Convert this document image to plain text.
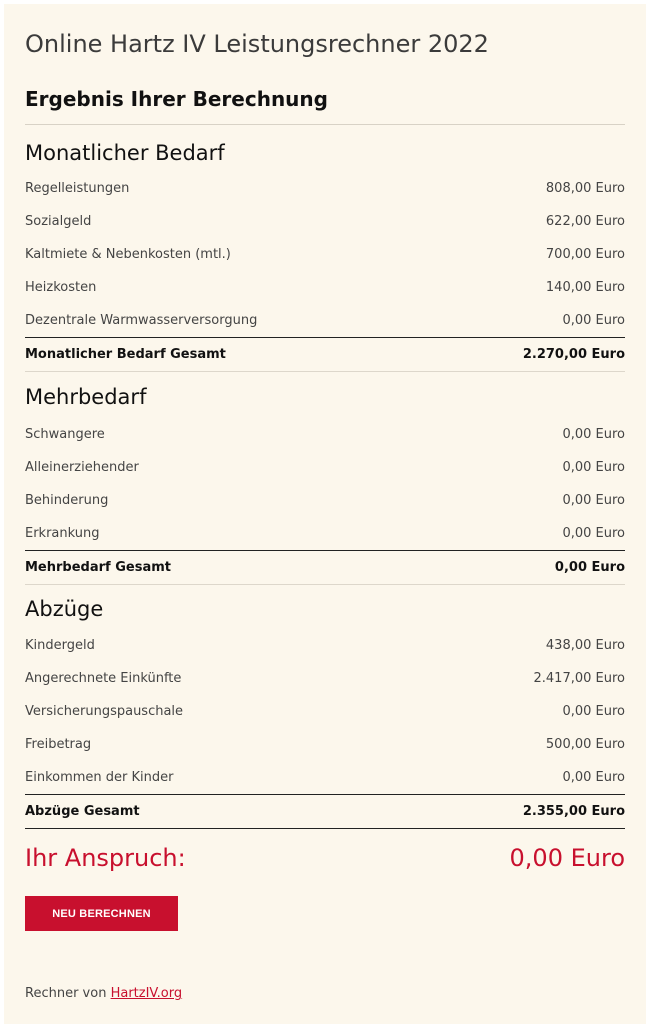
Online Hartz IV Leistungsrechner 2022
Ergebnis Ihrer Berechnung
Monatlicher Bedarf
Regelleistungen	808,00 Euro
Sozialgeld	622,00 Euro
Kaltmiete & Nebenkosten (mtl.)	700,00 Euro
Heizkosten	140,00 Euro
Dezentrale Warmwasserversorgung	0,00 Euro
Monatlicher Bedarf Gesamt	2.270,00 Euro
Mehrbedarf
Schwangere	0,00 Euro
Alleinerziehender	0,00 Euro
Behinderung	0,00 Euro
Erkrankung	0,00 Euro
Mehrbedarf Gesamt	0,00 Euro
Abzüge
Kindergeld	438,00 Euro
Angerechnete Einkünfte	2.417,00 Euro
Versicherungspauschale	0,00 Euro
Freibetrag	500,00 Euro
Einkommen der Kinder	0,00 Euro
Abzüge Gesamt	2.355,00 Euro
Ihr Anspruch:	0,00 Euro
NEU BERECHNEN
Rechner von HartzIV.org
